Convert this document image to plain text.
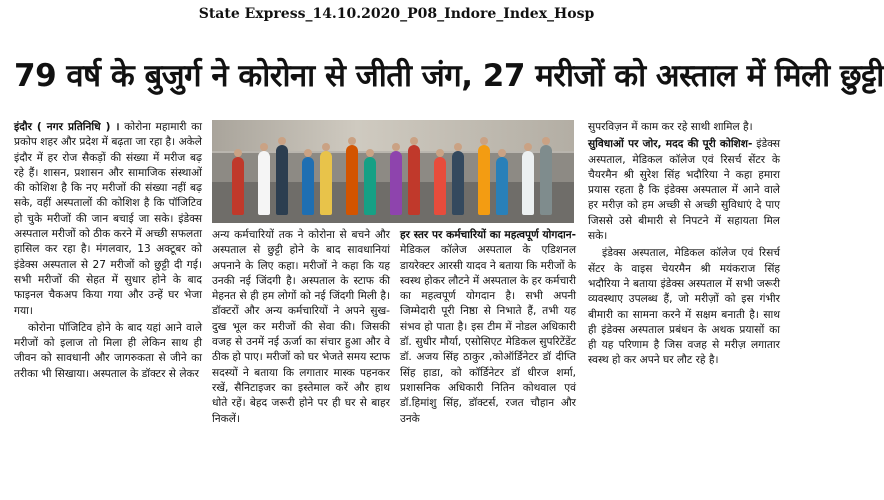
State Express_14.10.2020_P08_Indore_Index_Hosp
79 वर्ष के बुजुर्ग ने कोरोना से जीती जंग, 27 मरीजों को अस्ताल में मिली छुट्टी

इंदौर ( नगर प्रतिनिधि ) । कोरोना महामारी का प्रकोप शहर और प्रदेश में बढ़ता जा रहा है। अकेले इंदौर में हर रोज सैकड़ों की संख्या में मरीज बढ़ रहे हैं। शासन, प्रशासन और सामाजिक संस्थाओं की कोशिश है कि नए मरीजों की संख्या नहीं बढ़ सके, वहीं अस्पतालों की कोशिश है कि पॉजिटिव हो चुके मरीजों की जान बचाई जा सके। इंडेक्स अस्पताल मरीजों को ठीक करने में अच्छी सफलता हासिल कर रहा है। मंगलवार, 13 अक्टूबर को इंडेक्स अस्पताल से 27 मरीजों को छुट्टी दी गई। सभी मरीजों की सेहत में सुधार होने के बाद फाइनल चैकअप किया गया और उन्हें घर भेजा गया।

कोरोना पॉजिटिव होने के बाद यहां आने वाले मरीजों को इलाज तो मिला ही लेकिन साथ ही जीवन को सावधानी और जागरुकता से जीने का तरीका भी सिखाया। अस्पताल के डॉक्टर से लेकर

अन्य कर्मचारियों तक ने कोरोना से बचने और अस्पताल से छुट्टी होने के बाद सावधानियां अपनाने के लिए कहा। मरीजों ने कहा कि यह उनकी नई जिंदगी है। अस्पताल के स्टाफ की मेहनत से ही हम लोगों को नई जिंदगी मिली है। डॉक्टरों और अन्य कर्मचारियों ने अपने सुख- दुख भूल कर मरीजों की सेवा की। जिसकी वजह से उनमें नई ऊर्जा का संचार हुआ और वे ठीक हो पाए। मरीजों को घर भेजते समय स्टाफ सदस्यों ने बताया कि लगातार मास्क पहनकर रखें, सैनिटाइजर का इस्तेमाल करें और हाथ धोते रहें। बेहद जरूरी होने पर ही घर से बाहर निकलें।

हर स्तर पर कर्मचारियों का महत्वपूर्ण योगदान- मेडिकल कॉलेज अस्पताल के एडिशनल डायरेक्टर आरसी यादव ने बताया कि मरीजों के स्वस्थ होकर लौटने में अस्पताल के हर कर्मचारी का महत्वपूर्ण योगदान है। सभी अपनी जिम्मेदारी पूरी निष्ठा से निभाते हैं, तभी यह संभव हो पाता है। इस टीम में नोडल अधिकारी डॉ. सुधीर मौर्या, एसोसिएट मेडिकल सुपरिटेंडेंट डॉ. अजय सिंह ठाकुर ,कोऑर्डिनेटर डॉ दीप्ति सिंह हाडा, को कॉर्डिनेटर डॉ धीरज शर्मा, प्रशासनिक अधिकारी नितिन कोथवाल एवं डॉ.हिमांशु सिंह, डॉक्टर्स, रजत चौहान और उनके

सुपरविज़न में काम कर रहे साथी शामिल है।

सुविधाओं पर जोर, मदद की पूरी कोशिश- इंडेक्स अस्पताल, मेडिकल कॉलेज एवं रिसर्च सेंटर के चैयरमैन श्री सुरेश सिंह भदौरिया ने कहा हमारा प्रयास रहता है कि इंडेक्स अस्पताल में आने वाले हर मरीज़ को हम अच्छी से अच्छी सुविधाएं दे पाए जिससे उसे बीमारी से निपटने में सहायता मिल सके।

इंडेक्स अस्पताल, मेडिकल कॉलेज एवं रिसर्च सेंटर के वाइस चेयरमैन श्री मयंकराज सिंह भदौरिया ने बताया इंडेक्स अस्पताल में सभी जरूरी व्यवस्थाए उपलब्ध हैं, जो मरीज़ों को इस गंभीर बीमारी का सामना करने में सक्षम बनाती है। साथ ही इंडेक्स अस्पताल प्रबंधन के अथक प्रयासों का ही यह परिणाम है जिस वजह से मरीज़ लगातार स्वस्थ हो कर अपने घर लौट रहे है।
